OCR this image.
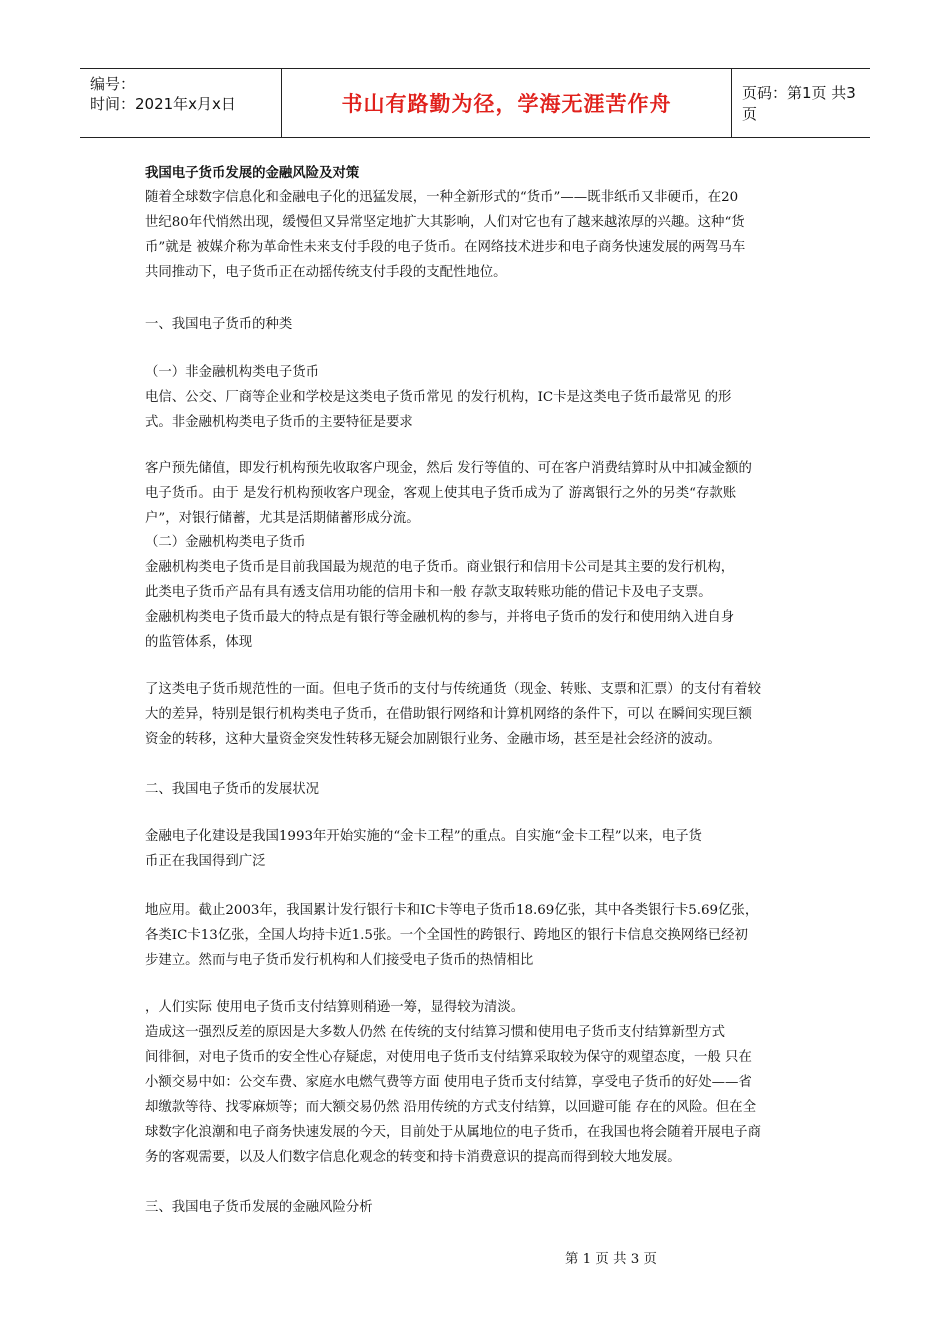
编号：
时间：2021年x月x日	书山有路勤为径，学海无涯苦作舟	页码：第1页 共3页
我国电子货币发展的金融风险及对策
随着全球数字信息化和金融电子化的迅猛发展，一种全新形式的“货币”——既非纸币又非硬币，在20
世纪80年代悄然出现，缓慢但又异常坚定地扩大其影响，人们对它也有了越来越浓厚的兴趣。这种“货
币”就是 被媒介称为革命性未来支付手段的电子货币。在网络技术进步和电子商务快速发展的两驾马车
共同推动下，电子货币正在动摇传统支付手段的支配性地位。
一、我国电子货币的种类
（一）非金融机构类电子货币
电信、公交、厂商等企业和学校是这类电子货币常见 的发行机构，IC卡是这类电子货币最常见 的形
式。非金融机构类电子货币的主要特征是要求
客户预先储值，即发行机构预先收取客户现金，然后 发行等值的、可在客户消费结算时从中扣减金额的
电子货币。由于 是发行机构预收客户现金，客观上使其电子货币成为了 游离银行之外的另类“存款账
户”，对银行储蓄，尤其是活期储蓄形成分流。
（二）金融机构类电子货币
金融机构类电子货币是目前我国最为规范的电子货币。商业银行和信用卡公司是其主要的发行机构，
此类电子货币产品有具有透支信用功能的信用卡和一般 存款支取转账功能的借记卡及电子支票。
金融机构类电子货币最大的特点是有银行等金融机构的参与，并将电子货币的发行和使用纳入进自身
的监管体系，体现
了这类电子货币规范性的一面。但电子货币的支付与传统通货（现金、转账、支票和汇票）的支付有着较
大的差异，特别是银行机构类电子货币，在借助银行网络和计算机网络的条件下，可以 在瞬间实现巨额
资金的转移，这种大量资金突发性转移无疑会加剧银行业务、金融市场，甚至是社会经济的波动。
二、我国电子货币的发展状况
金融电子化建设是我国1993年开始实施的“金卡工程”的重点。自实施“金卡工程”以来，电子货
币正在我国得到广泛
地应用。截止2003年，我国累计发行银行卡和IC卡等电子货币18.69亿张，其中各类银行卡5.69亿张，
各类IC卡13亿张，全国人均持卡近1.5张。一个全国性的跨银行、跨地区的银行卡信息交换网络已经初
步建立。然而与电子货币发行机构和人们接受电子货币的热情相比
，人们实际 使用电子货币支付结算则稍逊一筹，显得较为清淡。
造成这一强烈反差的原因是大多数人仍然 在传统的支付结算习惯和使用电子货币支付结算新型方式
间徘徊，对电子货币的安全性心存疑虑，对使用电子货币支付结算采取较为保守的观望态度，一般 只在
小额交易中如：公交车费、家庭水电燃气费等方面 使用电子货币支付结算，享受电子货币的好处——省
却缴款等待、找零麻烦等；而大额交易仍然 沿用传统的方式支付结算，以回避可能 存在的风险。但在全
球数字化浪潮和电子商务快速发展的今天，目前处于从属地位的电子货币，在我国也将会随着开展电子商
务的客观需要，以及人们数字信息化观念的转变和持卡消费意识的提高而得到较大地发展。
三、我国电子货币发展的金融风险分析
第 1 页 共 3 页
